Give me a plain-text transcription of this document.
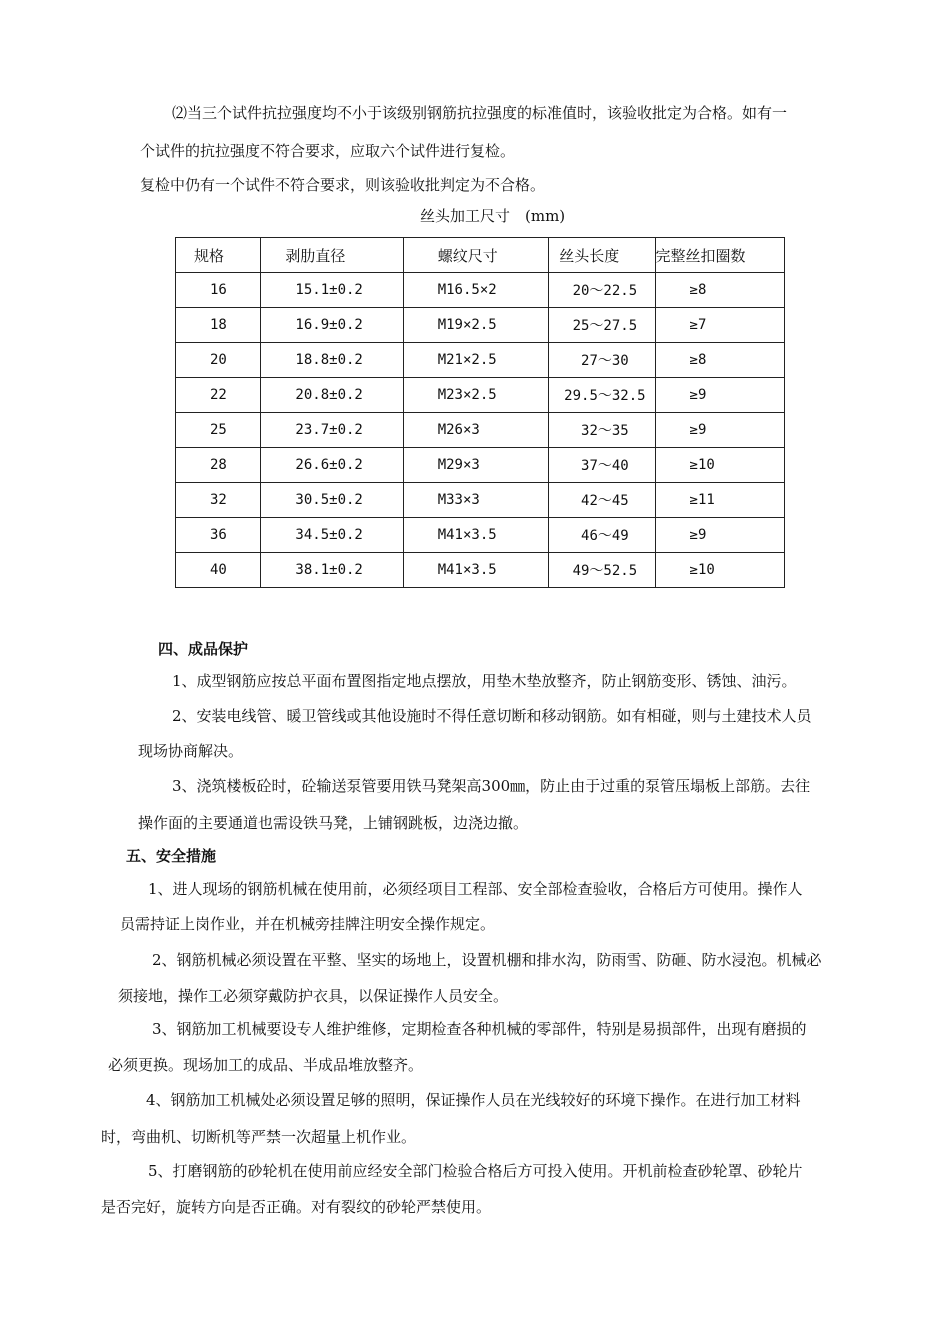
⑵当三个试件抗拉强度均不小于该级别钢筋抗拉强度的标准值时，该验收批定为合格。如有一
个试件的抗拉强度不符合要求，应取六个试件进行复检。
复检中仍有一个试件不符合要求，则该验收批判定为不合格。
丝头加工尺寸　(mm)
规格	剥肋直径	螺纹尺寸	丝头长度	完整丝扣圈数
16	15.1±0.2	M16.5×2	20～22.5	≥8
18	16.9±0.2	M19×2.5	25～27.5	≥7
20	18.8±0.2	M21×2.5	27～30	≥8
22	20.8±0.2	M23×2.5	29.5～32.5	≥9
25	23.7±0.2	M26×3	32～35	≥9
28	26.6±0.2	M29×3	37～40	≥10
32	30.5±0.2	M33×3	42～45	≥11
36	34.5±0.2	M41×3.5	46～49	≥9
40	38.1±0.2	M41×3.5	49～52.5	≥10
四、成品保护
1、成型钢筋应按总平面布置图指定地点摆放，用垫木垫放整齐，防止钢筋变形、锈蚀、油污。
2、安装电线管、暖卫管线或其他设施时不得任意切断和移动钢筋。如有相碰，则与土建技术人员
现场协商解决。
3、浇筑楼板砼时，砼输送泵管要用铁马凳架高300㎜，防止由于过重的泵管压塌板上部筋。去往
操作面的主要通道也需设铁马凳，上铺钢跳板，边浇边撤。
五、安全措施
1、进人现场的钢筋机械在使用前，必须经项目工程部、安全部检查验收，合格后方可使用。操作人
员需持证上岗作业，并在机械旁挂牌注明安全操作规定。
2、钢筋机械必须设置在平整、坚实的场地上，设置机棚和排水沟，防雨雪、防砸、防水浸泡。机械必
须接地，操作工必须穿戴防护衣具，以保证操作人员安全。
3、钢筋加工机械要设专人维护维修，定期检查各种机械的零部件，特别是易损部件，出现有磨损的
必须更换。现场加工的成品、半成品堆放整齐。
4、钢筋加工机械处必须设置足够的照明，保证操作人员在光线较好的环境下操作。在进行加工材料
时，弯曲机、切断机等严禁一次超量上机作业。
5、打磨钢筋的砂轮机在使用前应经安全部门检验合格后方可投入使用。开机前检查砂轮罩、砂轮片
是否完好，旋转方向是否正确。对有裂纹的砂轮严禁使用。
